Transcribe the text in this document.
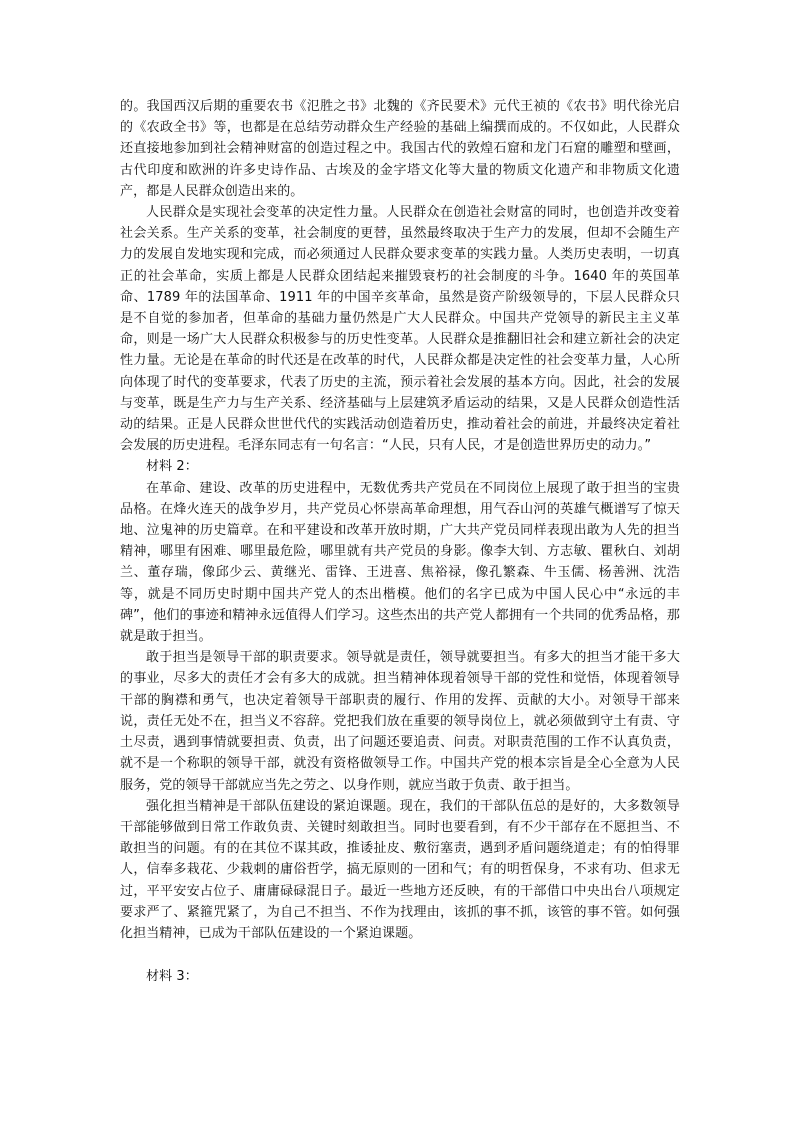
的。我国西汉后期的重要农书《氾胜之书》北魏的《齐民要术》元代王祯的《农书》明代徐光启的《农政全书》等，也都是在总结劳动群众生产经验的基础上编撰而成的。不仅如此，人民群众还直接地参加到社会精神财富的创造过程之中。我国古代的敦煌石窟和龙门石窟的雕塑和壁画，古代印度和欧洲的许多史诗作品、古埃及的金字塔文化等大量的物质文化遗产和非物质文化遗产，都是人民群众创造出来的。

人民群众是实现社会变革的决定性力量。人民群众在创造社会财富的同时，也创造并改变着社会关系。生产关系的变革，社会制度的更替，虽然最终取决于生产力的发展，但却不会随生产力的发展自发地实现和完成，而必须通过人民群众要求变革的实践力量。人类历史表明，一切真正的社会革命，实质上都是人民群众团结起来摧毁衰朽的社会制度的斗争。1640 年的英国革命、1789 年的法国革命、1911 年的中国辛亥革命，虽然是资产阶级领导的，下层人民群众只是不自觉的参加者，但革命的基础力量仍然是广大人民群众。中国共产党领导的新民主主义革命，则是一场广大人民群众积极参与的历史性变革。人民群众是推翻旧社会和建立新社会的决定性力量。无论是在革命的时代还是在改革的时代，人民群众都是决定性的社会变革力量，人心所向体现了时代的变革要求，代表了历史的主流，预示着社会发展的基本方向。因此，社会的发展与变革，既是生产力与生产关系、经济基础与上层建筑矛盾运动的结果，又是人民群众创造性活动的结果。正是人民群众世世代代的实践活动创造着历史，推动着社会的前进，并最终决定着社会发展的历史进程。毛泽东同志有一句名言：“人民，只有人民，才是创造世界历史的动力。”

材料 2：

在革命、建设、改革的历史进程中，无数优秀共产党员在不同岗位上展现了敢于担当的宝贵品格。在烽火连天的战争岁月，共产党员心怀崇高革命理想，用气吞山河的英雄气概谱写了惊天地、泣鬼神的历史篇章。在和平建设和改革开放时期，广大共产党员同样表现出敢为人先的担当精神，哪里有困难、哪里最危险，哪里就有共产党员的身影。像李大钊、方志敏、瞿秋白、刘胡兰、董存瑞，像邱少云、黄继光、雷锋、王进喜、焦裕禄，像孔繁森、牛玉儒、杨善洲、沈浩等，就是不同历史时期中国共产党人的杰出楷模。他们的名字已成为中国人民心中“永远的丰碑”，他们的事迹和精神永远值得人们学习。这些杰出的共产党人都拥有一个共同的优秀品格，那就是敢于担当。

敢于担当是领导干部的职责要求。领导就是责任，领导就要担当。有多大的担当才能干多大的事业，尽多大的责任才会有多大的成就。担当精神体现着领导干部的党性和觉悟，体现着领导干部的胸襟和勇气，也决定着领导干部职责的履行、作用的发挥、贡献的大小。对领导干部来说，责任无处不在，担当义不容辞。党把我们放在重要的领导岗位上，就必须做到守土有责、守土尽责，遇到事情就要担责、负责，出了问题还要追责、问责。对职责范围的工作不认真负责，就不是一个称职的领导干部，就没有资格做领导工作。中国共产党的根本宗旨是全心全意为人民服务，党的领导干部就应当先之劳之、以身作则，就应当敢于负责、敢于担当。

强化担当精神是干部队伍建设的紧迫课题。现在，我们的干部队伍总的是好的，大多数领导干部能够做到日常工作敢负责、关键时刻敢担当。同时也要看到，有不少干部存在不愿担当、不敢担当的问题。有的在其位不谋其政，推诿扯皮、敷衍塞责，遇到矛盾问题绕道走；有的怕得罪人，信奉多栽花、少栽刺的庸俗哲学，搞无原则的一团和气；有的明哲保身，不求有功、但求无过，平平安安占位子、庸庸碌碌混日子。最近一些地方还反映，有的干部借口中央出台八项规定要求严了、紧箍咒紧了，为自己不担当、不作为找理由，该抓的事不抓，该管的事不管。如何强化担当精神，已成为干部队伍建设的一个紧迫课题。

材料 3：
